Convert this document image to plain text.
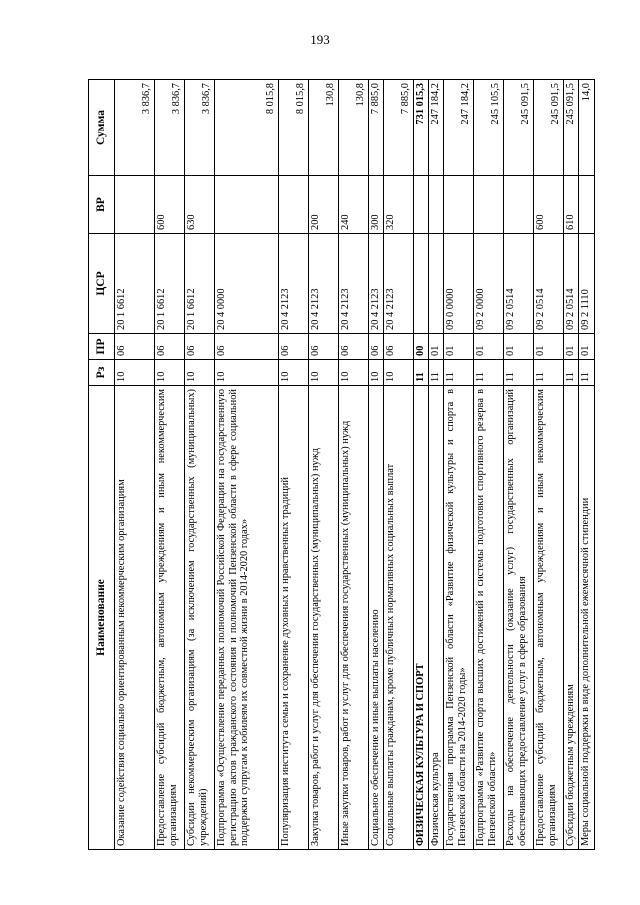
193
Наименование	Рз	ПР	ЦСР	ВР	Сумма
Оказание содействия социально ориентированным некоммерческим организациям	10	06	20 1 6612		3 836,7
Предоставление субсидий бюджетным, автономным учреждениям и иным некоммерческим организациям	10	06	20 1 6612	600	3 836,7
Субсидии некоммерческим организациям (за исключением государственных (муниципальных) учреждений)	10	06	20 1 6612	630	3 836,7
Подпрограмма «Осуществление переданных полномочий Российской Федерации на государственную регистрацию актов гражданского состояния и полномочий Пензенской области в сфере социальной поддержки супругам к юбилеям их совместной жизни в 2014-2020 годах»	10	06	20 4 0000		8 015,8
Популяризация института семьи и сохранение духовных и нравственных традиций	10	06	20 4 2123		8 015,8
Закупка товаров, работ и услуг для обеспечения государственных (муниципальных) нужд	10	06	20 4 2123	200	130,8
Иные закупки товаров, работ и услуг для обеспечения государственных (муниципальных) нужд	10	06	20 4 2123	240	130,8
Социальное обеспечение и иные выплаты населению	10	06	20 4 2123	300	7 885,0
Социальные выплаты гражданам, кроме публичных нормативных социальных выплат	10	06	20 4 2123	320	7 885,0
ФИЗИЧЕСКАЯ КУЛЬТУРА И СПОРТ	11	00			731 015,3
Физическая культура	11	01			247 184,2
Государственная программа Пензенской области «Развитие физической культуры и спорта в Пензенской области на 2014-2020 годы»	11	01	09 0 0000		247 184,2
Подпрограмма «Развитие спорта высших достижений и системы подготовки спортивного резерва в Пензенской области»	11	01	09 2 0000		245 105,5
Расходы на обеспечение деятельности (оказание услуг) государственных организаций обеспечивающих предоставление услуг в сфере образования	11	01	09 2 0514		245 091,5
Предоставление субсидий бюджетным, автономным учреждениям и иным некоммерческим организациям	11	01	09 2 0514	600	245 091,5
Субсидии бюджетным учреждениям	11	01	09 2 0514	610	245 091,5
Меры социальной поддержки в виде дополнительной ежемесячной стипендии	11	01	09 2 1110		14,0
